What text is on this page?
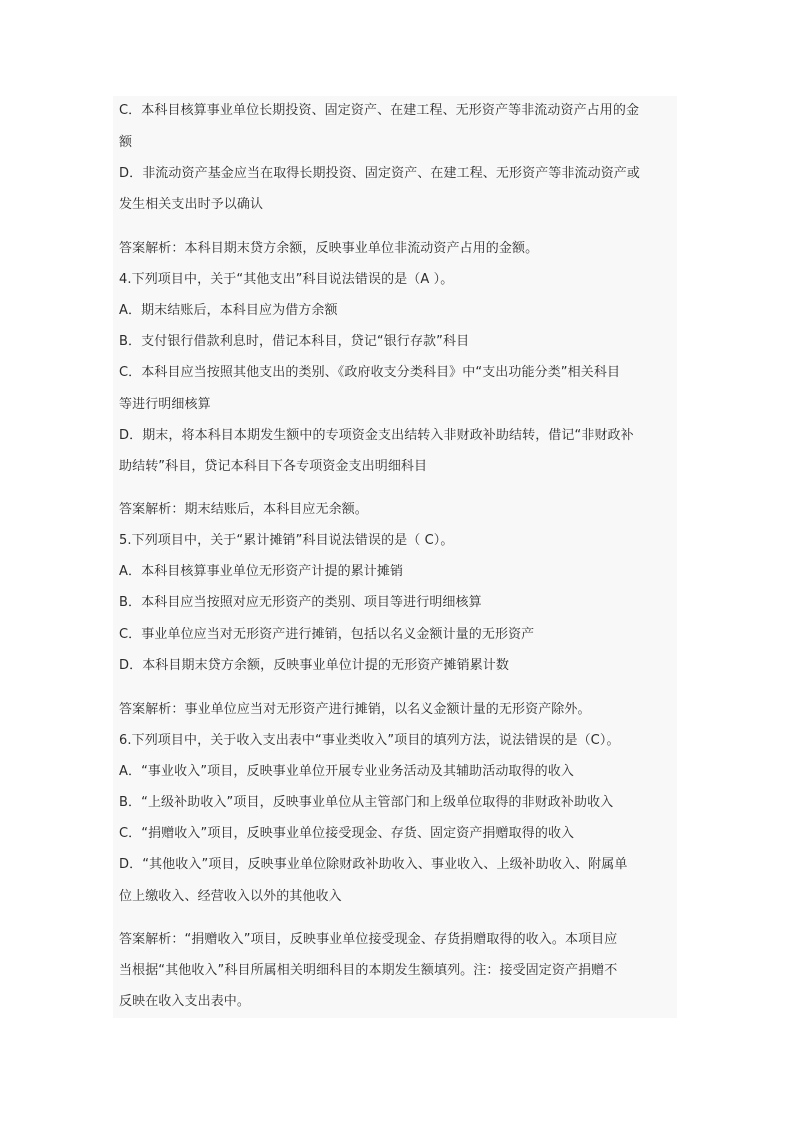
C．本科目核算事业单位长期投资、固定资产、在建工程、无形资产等非流动资产占用的金
额
D．非流动资产基金应当在取得长期投资、固定资产、在建工程、无形资产等非流动资产或
发生相关支出时予以确认
答案解析：本科目期末贷方余额，反映事业单位非流动资产占用的金额。
4.下列项目中，关于“其他支出”科目说法错误的是（A ）。
A．期末结账后，本科目应为借方余额
B．支付银行借款利息时，借记本科目，贷记“银行存款”科目
C．本科目应当按照其他支出的类别、《政府收支分类科目》中“支出功能分类”相关科目
等进行明细核算
D．期末，将本科目本期发生额中的专项资金支出结转入非财政补助结转，借记“非财政补
助结转”科目，贷记本科目下各专项资金支出明细科目
答案解析：期末结账后，本科目应无余额。
5.下列项目中，关于“累计摊销”科目说法错误的是（ C）。
A．本科目核算事业单位无形资产计提的累计摊销
B．本科目应当按照对应无形资产的类别、项目等进行明细核算
C．事业单位应当对无形资产进行摊销，包括以名义金额计量的无形资产
D．本科目期末贷方余额，反映事业单位计提的无形资产摊销累计数
答案解析：事业单位应当对无形资产进行摊销，以名义金额计量的无形资产除外。
6.下列项目中，关于收入支出表中“事业类收入”项目的填列方法，说法错误的是（C）。
A．“事业收入”项目，反映事业单位开展专业业务活动及其辅助活动取得的收入
B．“上级补助收入”项目，反映事业单位从主管部门和上级单位取得的非财政补助收入
C．“捐赠收入”项目，反映事业单位接受现金、存货、固定资产捐赠取得的收入
D．“其他收入”项目，反映事业单位除财政补助收入、事业收入、上级补助收入、附属单
位上缴收入、经营收入以外的其他收入
答案解析：“捐赠收入”项目，反映事业单位接受现金、存货捐赠取得的收入。本项目应
当根据“其他收入”科目所属相关明细科目的本期发生额填列。注：接受固定资产捐赠不
反映在收入支出表中。
